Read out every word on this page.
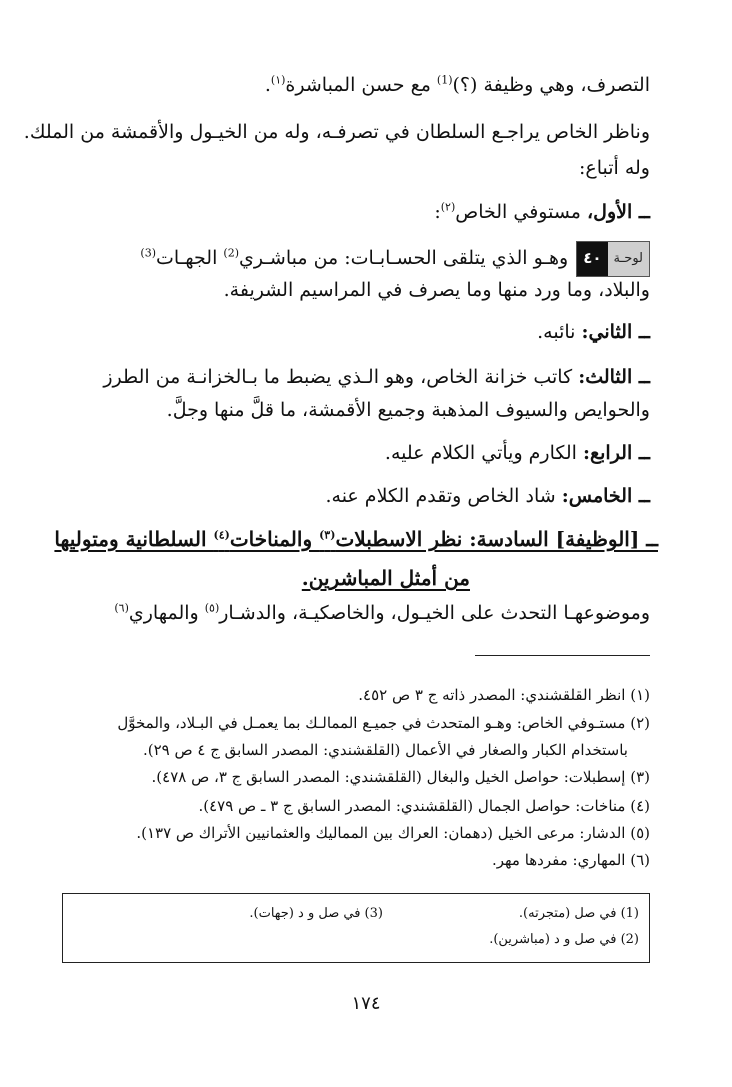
التصرف، وهي وظيفة (؟)$^{(1)}$ مع حسن المباشرة$^{(١)}$.
وناظر الخاص يراجـع السلطان في تصرفـه، وله من الخيـول والأقمشة من الملك.
وله أتباع:
ــ الأول، مستوفي الخاص$^{(٢)}$:
٤٠ لوحـة
وهـو الذي يتلقى الحسـابـات: من مباشـري$^{(2)}$ الجهـات$^{(3)}$
والبلاد، وما ورد منها وما يصرف في المراسيم الشريفة.
ــ الثاني: نائبه.
ــ الثالث: كاتب خزانة الخاص، وهو الـذي يضبط ما بـالخزانـة من الطرز
والحوايص والسيوف المذهبة وجميع الأقمشة، ما قلَّ منها وجلَّ.
ــ الرابع: الكارم ويأتي الكلام عليه.
ــ الخامس: شاد الخاص وتقدم الكلام عنه.
ــ [الوظيفة] السادسة: نظر الاسطبلات$^{(٣)}$ والمناخات$^{(٤)}$ السلطانية ومتوليها
من أمثل المباشرين.
وموضوعهـا التحدث على الخيـول، والخاصكيـة، والدشـار$^{(٥)}$ والمهاري$^{(٦)}$
(١) انظر القلقشندي: المصدر ذاته ج ٣ ص ٤٥٢.
(٢) مستـوفي الخاص: وهـو المتحدث في جميـع الممالـك بما يعمـل في البـلاد، والمخوَّل
باستخدام الكبار والصغار في الأعمال (القلقشندي: المصدر السابق ج ٤ ص ٢٩).
(٣) إسطبلات: حواصل الخيل والبغال (القلقشندي: المصدر السابق ج ٣، ص ٤٧٨).
(٤) مناخات: حواصل الجمال (القلقشندي: المصدر السابق ج ٣ ـ ص ٤٧٩).
(٥) الدشار: مرعى الخيل (دهمان: العراك بين المماليك والعثمانيين الأتراك ص ١٣٧).
(٦) المهاري: مفردها مهر.
(1) في صل (متجرته).
(2) في صل و د (مباشرين).
(3) في صل و د (جهات).
١٧٤
